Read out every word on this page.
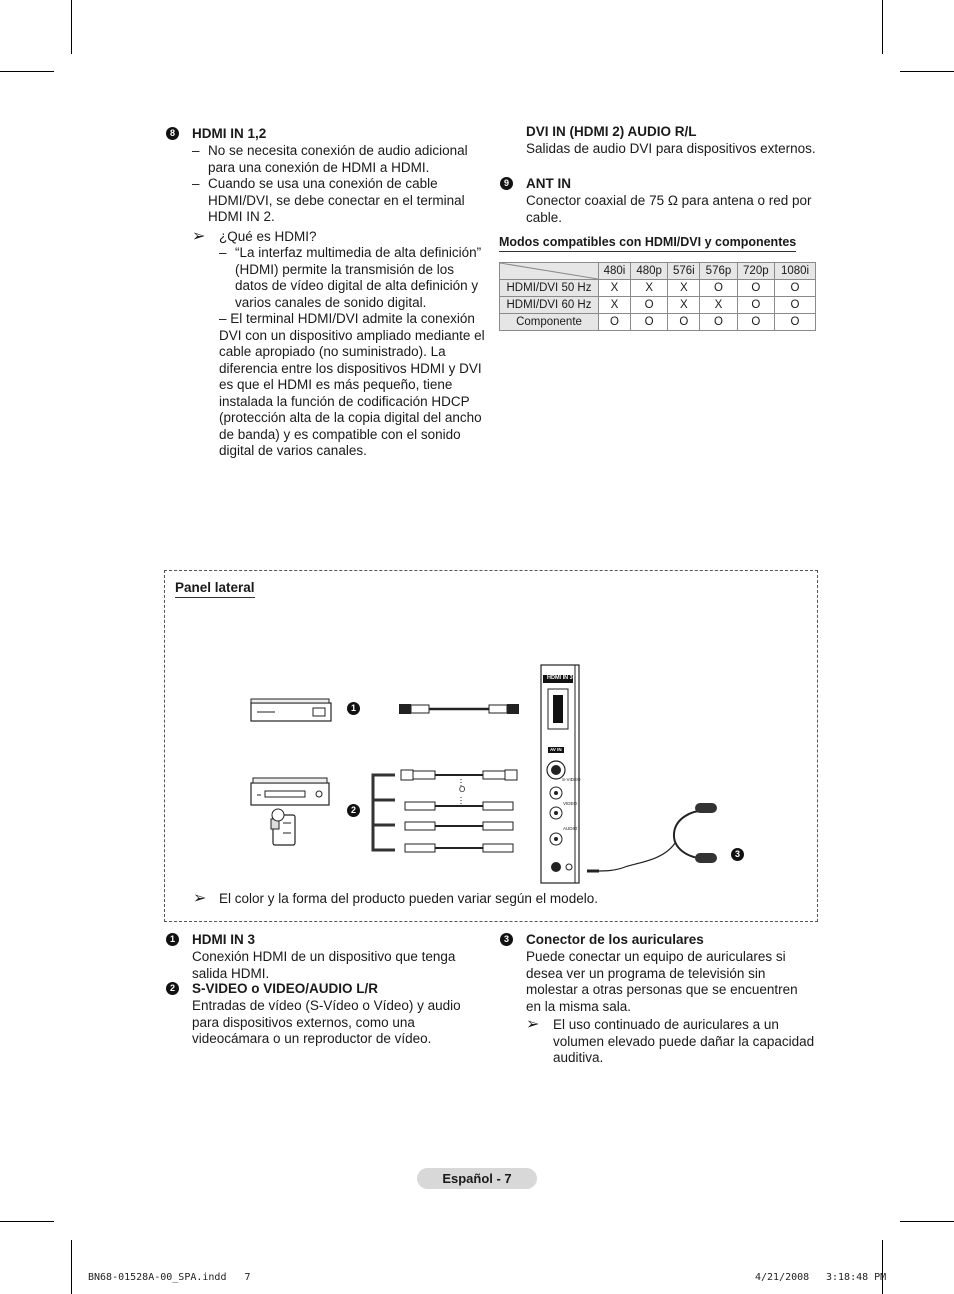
8 HDMI IN 1,2
– No se necesita conexión de audio adicional para una conexión de HDMI a HDMI.
– Cuando se usa una conexión de cable HDMI/DVI, se debe conectar en el terminal HDMI IN 2.
➢ ¿Qué es HDMI?
– “La interfaz multimedia de alta definición” (HDMI) permite la transmisión de los datos de vídeo digital de alta definición y varios canales de sonido digital.
– El terminal HDMI/DVI admite la conexión DVI con un dispositivo ampliado mediante el cable apropiado (no suministrado). La diferencia entre los dispositivos HDMI y DVI es que el HDMI es más pequeño, tiene instalada la función de codificación HDCP (protección alta de la copia digital del ancho de banda) y es compatible con el sonido digital de varios canales.
DVI IN (HDMI 2) AUDIO R/L
Salidas de audio DVI para dispositivos externos.
9 ANT IN
Conector coaxial de 75 Ω para antena o red por cable.
Modos compatibles con HDMI/DVI y componentes
	480i	480p	576i	576p	720p	1080i
HDMI/DVI 50 Hz	X	X	X	O	O	O
HDMI/DVI 60 Hz	X	O	X	X	O	O
Componente	O	O	O	O	O	O
Panel lateral
HDMI IN 3
AV IN
S-VIDEO
VIDEO
AUDIO
O
1
2
3
➢ El color y la forma del producto pueden variar según el modelo.
1 HDMI IN 3
Conexión HDMI de un dispositivo que tenga salida HDMI.
2 S-VIDEO o VIDEO/AUDIO L/R
Entradas de vídeo (S-Vídeo o Vídeo) y audio para dispositivos externos, como una videocámara o un reproductor de vídeo.
3 Conector de los auriculares
Puede conectar un equipo de auriculares si desea ver un programa de televisión sin molestar a otras personas que se encuentren en la misma sala.
➢ El uso continuado de auriculares a un volumen elevado puede dañar la capacidad auditiva.
Español - 7
BN68-01528A-00_SPA.indd   7	4/21/2008 3:18:48 PM
